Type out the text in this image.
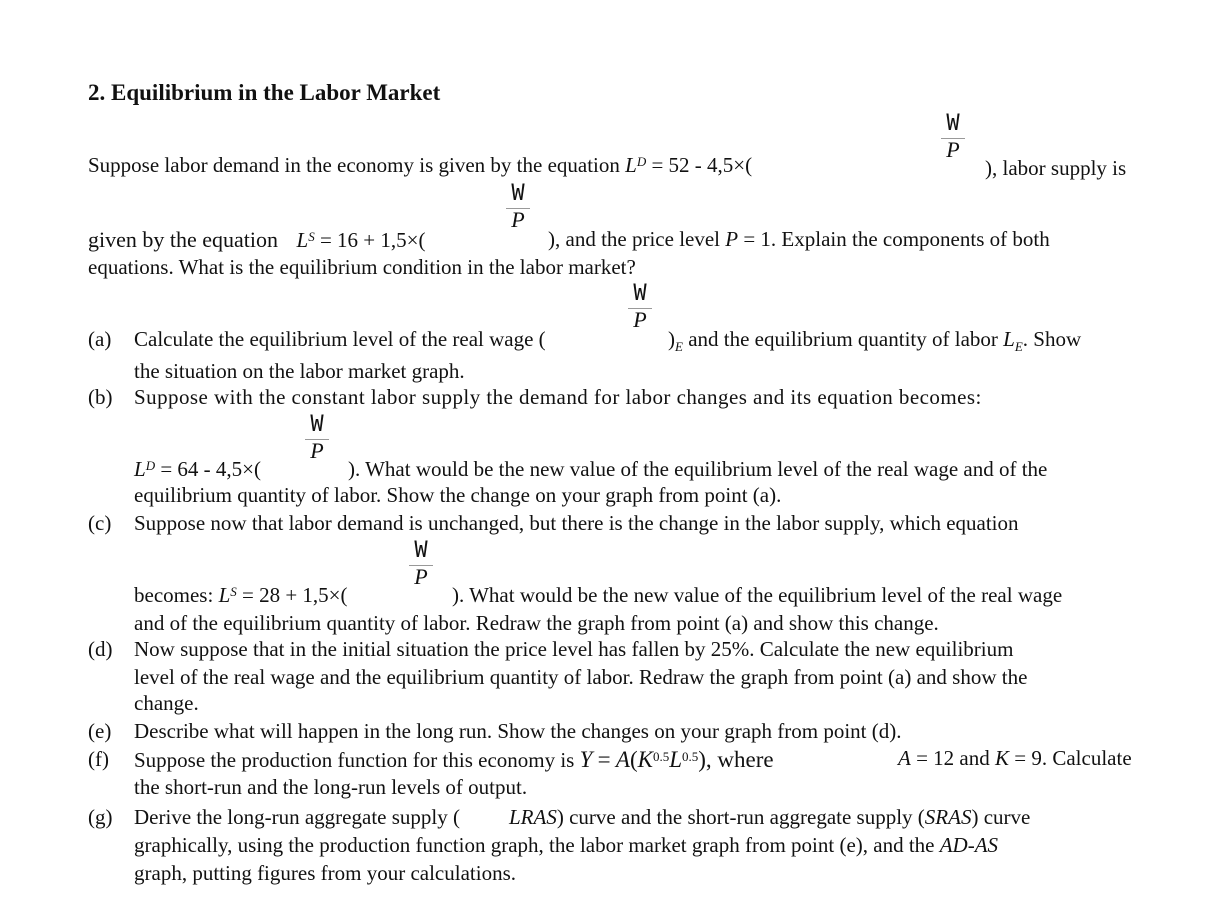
2. Equilibrium in the Labor Market
W
P
Suppose labor demand in the economy is given by the equation $L^D = 52 - 4,5\times$(	), labor supply is
W
P
given by the equation $L^S = 16 + 1,5\times$(	), and the price level P = 1. Explain the components of both
equations. What is the equilibrium condition in the labor market?
W
P
(a) Calculate the equilibrium level of the real wage (	)$_E$ and the equilibrium quantity of labor $L_E$. Show
the situation on the labor market graph.
(b) Suppose with the constant labor supply the demand for labor changes and its equation becomes:
W
P
$L^D = 64 - 4,5\times$(	). What would be the new value of the equilibrium level of the real wage and of the
equilibrium quantity of labor. Show the change on your graph from point (a).
(c) Suppose now that labor demand is unchanged, but there is the change in the labor supply, which equation
W
P
becomes: $L^S = 28 + 1,5\times$(	). What would be the new value of the equilibrium level of the real wage
and of the equilibrium quantity of labor. Redraw the graph from point (a) and show this change.
(d) Now suppose that in the initial situation the price level has fallen by 25%. Calculate the new equilibrium
level of the real wage and the equilibrium quantity of labor. Redraw the graph from point (a) and show the
change.
(e) Describe what will happen in the long run. Show the changes on your graph from point (d).
(f) Suppose the production function for this economy is $Y = A(K^{0.5}L^{0.5})$, where	A = 12 and K = 9. Calculate
the short-run and the long-run levels of output.
(g) Derive the long-run aggregate supply ( LRAS) curve and the short-run aggregate supply (SRAS) curve
graphically, using the production function graph, the labor market graph from point (e), and the AD-AS
graph, putting figures from your calculations.
